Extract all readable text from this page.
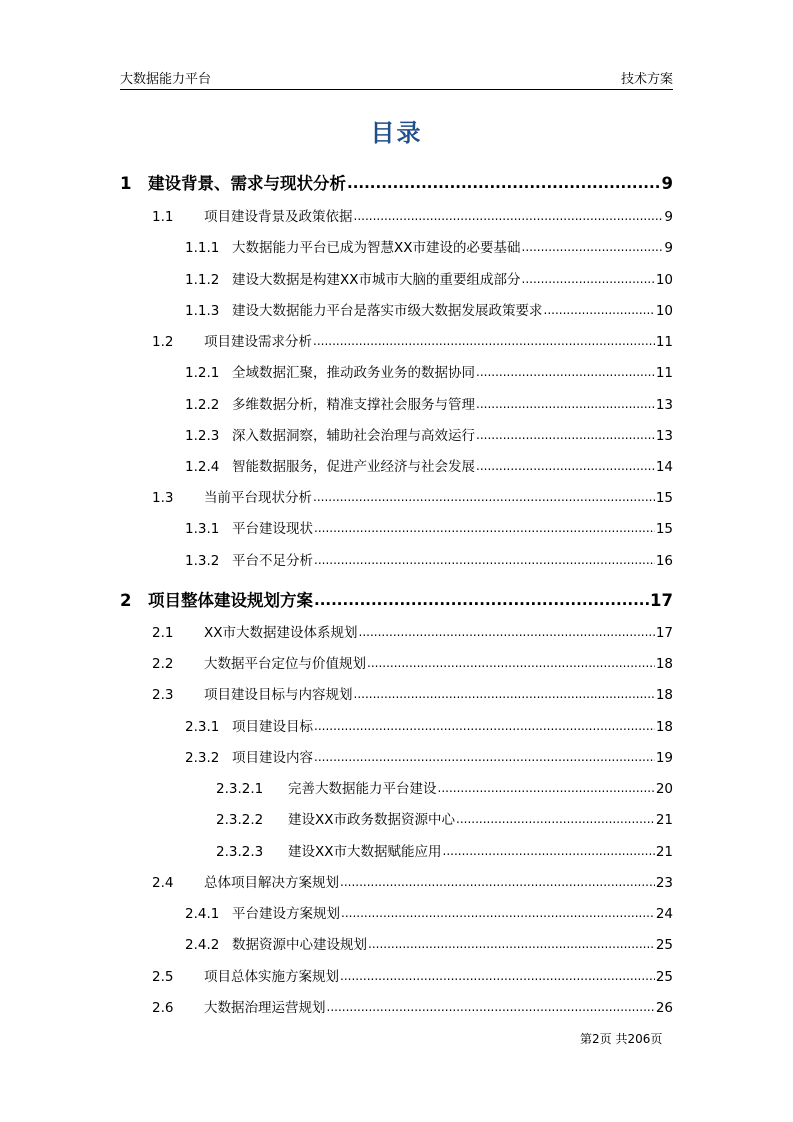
大数据能力平台	技术方案
目录
1	建设背景、需求与现状分析 .....	9
1.1	项目建设背景及政策依据 .....	9
1.1.1 大数据能力平台已成为智慧XX市建设的必要基础 .....	9
1.1.2 建设大数据是构建XX市城市大脑的重要组成部分 .....	10
1.1.3 建设大数据能力平台是落实市级大数据发展政策要求 .....	10
1.2	项目建设需求分析 .....	11
1.2.1 全域数据汇聚，推动政务业务的数据协同 .....	11
1.2.2 多维数据分析，精准支撑社会服务与管理 .....	13
1.2.3 深入数据洞察，辅助社会治理与高效运行 .....	13
1.2.4 智能数据服务，促进产业经济与社会发展 .....	14
1.3	当前平台现状分析 .....	15
1.3.1 平台建设现状 .....	15
1.3.2 平台不足分析 .....	16
2	项目整体建设规划方案 .....	17
2.1	XX市大数据建设体系规划 .....	17
2.2	大数据平台定位与价值规划 .....	18
2.3	项目建设目标与内容规划 .....	18
2.3.1 项目建设目标 .....	18
2.3.2 项目建设内容 .....	19
2.3.2.1	完善大数据能力平台建设 .....	20
2.3.2.2	建设XX市政务数据资源中心 .....	21
2.3.2.3	建设XX市大数据赋能应用 .....	21
2.4	总体项目解决方案规划 .....	23
2.4.1 平台建设方案规划 .....	24
2.4.2 数据资源中心建设规划 .....	25
2.5	项目总体实施方案规划 .....	25
2.6	大数据治理运营规划 .....	26
第2页 共206页
